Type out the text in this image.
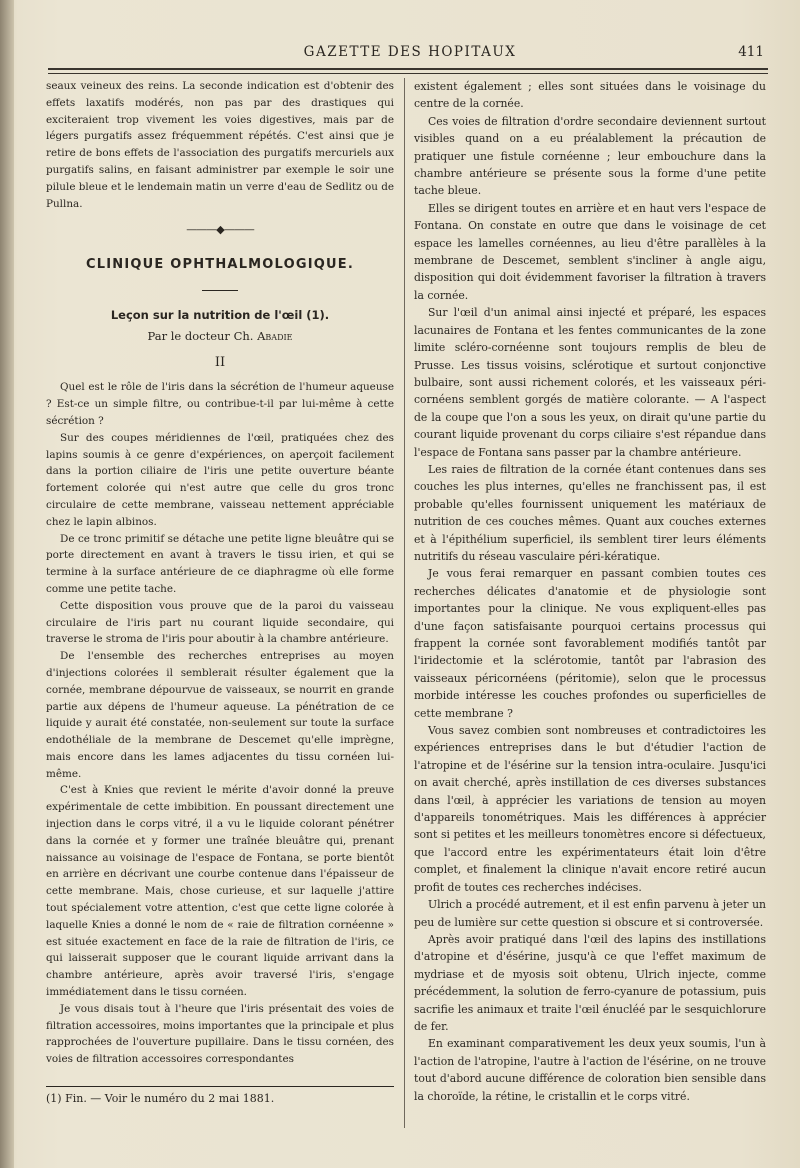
GAZETTE DES HOPITAUX	411

seaux veineux des reins. La seconde indication est d'obtenir des effets laxatifs modérés, non pas par des drastiques qui exciteraient trop vivement les voies digestives, mais par de légers purgatifs assez fréquemment répétés. C'est ainsi que je retire de bons effets de l'association des purgatifs mercuriels aux purgatifs salins, en faisant administrer par exemple le soir une pilule bleue et le lendemain matin un verre d'eau de Sedlitz ou de Pullna.

———◆———
CLINIQUE OPHTHALMOLOGIQUE.
Leçon sur la nutrition de l'œil (1).
Par le docteur Ch. Abadie
II

Quel est le rôle de l'iris dans la sécrétion de l'humeur aqueuse ? Est-ce un simple filtre, ou contribue-t-il par lui-même à cette sécrétion ?

Sur des coupes méridiennes de l'œil, pratiquées chez des lapins soumis à ce genre d'expériences, on aperçoit facilement dans la portion ciliaire de l'iris une petite ouverture béante fortement colorée qui n'est autre que celle du gros tronc circulaire de cette membrane, vaisseau nettement appréciable chez le lapin albinos.

De ce tronc primitif se détache une petite ligne bleuâtre qui se porte directement en avant à travers le tissu irien, et qui se termine à la surface antérieure de ce diaphragme où elle forme comme une petite tache.

Cette disposition vous prouve que de la paroi du vaisseau circulaire de l'iris part nu courant liquide secondaire, qui traverse le stroma de l'iris pour aboutir à la chambre antérieure.

De l'ensemble des recherches entreprises au moyen d'injections colorées il semblerait résulter également que la cornée, membrane dépourvue de vaisseaux, se nourrit en grande partie aux dépens de l'humeur aqueuse. La pénétration de ce liquide y aurait été constatée, non-seulement sur toute la surface endothéliale de la membrane de Descemet qu'elle imprègne, mais encore dans les lames adjacentes du tissu cornéen lui-même.

C'est à Knies que revient le mérite d'avoir donné la preuve expérimentale de cette imbibition. En poussant directement une injection dans le corps vitré, il a vu le liquide colorant pénétrer dans la cornée et y former une traînée bleuâtre qui, prenant naissance au voisinage de l'espace de Fontana, se porte bientôt en arrière en décrivant une courbe contenue dans l'épaisseur de cette membrane. Mais, chose curieuse, et sur laquelle j'attire tout spécialement votre attention, c'est que cette ligne colorée à laquelle Knies a donné le nom de « raie de filtration cornéenne » est située exactement en face de la raie de filtration de l'iris, ce qui laisserait supposer que le courant liquide arrivant dans la chambre antérieure, après avoir traversé l'iris, s'engage immédiatement dans le tissu cornéen.

Je vous disais tout à l'heure que l'iris présentait des voies de filtration accessoires, moins importantes que la principale et plus rapprochées de l'ouverture pupillaire. Dans le tissu cornéen, des voies de filtration accessoires correspondantes

(1) Fin. — Voir le numéro du 2 mai 1881.

existent également ; elles sont situées dans le voisinage du centre de la cornée.

Ces voies de filtration d'ordre secondaire deviennent surtout visibles quand on a eu préalablement la précaution de pratiquer une fistule cornéenne ; leur embouchure dans la chambre antérieure se présente sous la forme d'une petite tache bleue.

Elles se dirigent toutes en arrière et en haut vers l'espace de Fontana. On constate en outre que dans le voisinage de cet espace les lamelles cornéennes, au lieu d'être parallèles à la membrane de Descemet, semblent s'incliner à angle aigu, disposition qui doit évidemment favoriser la filtration à travers la cornée.

Sur l'œil d'un animal ainsi injecté et préparé, les espaces lacunaires de Fontana et les fentes communicantes de la zone limite scléro-cornéenne sont toujours remplis de bleu de Prusse. Les tissus voisins, sclérotique et surtout conjonctive bulbaire, sont aussi richement colorés, et les vaisseaux péri-cornéens semblent gorgés de matière colorante. — A l'aspect de la coupe que l'on a sous les yeux, on dirait qu'une partie du courant liquide provenant du corps ciliaire s'est répandue dans l'espace de Fontana sans passer par la chambre antérieure.

Les raies de filtration de la cornée étant contenues dans ses couches les plus internes, qu'elles ne franchissent pas, il est probable qu'elles fournissent uniquement les matériaux de nutrition de ces couches mêmes. Quant aux couches externes et à l'épithélium superficiel, ils semblent tirer leurs éléments nutritifs du réseau vasculaire péri-kératique.

Je vous ferai remarquer en passant combien toutes ces recherches délicates d'anatomie et de physiologie sont importantes pour la clinique. Ne vous expliquent-elles pas d'une façon satisfaisante pourquoi certains processus qui frappent la cornée sont favorablement modifiés tantôt par l'iridectomie et la sclérotomie, tantôt par l'abrasion des vaisseaux péricornéens (péritomie), selon que le processus morbide intéresse les couches profondes ou superficielles de cette membrane ?

Vous savez combien sont nombreuses et contradictoires les expériences entreprises dans le but d'étudier l'action de l'atropine et de l'ésérine sur la tension intra-oculaire. Jusqu'ici on avait cherché, après instillation de ces diverses substances dans l'œil, à apprécier les variations de tension au moyen d'appareils tonométriques. Mais les différences à apprécier sont si petites et les meilleurs tonomètres encore si défectueux, que l'accord entre les expérimentateurs était loin d'être complet, et finalement la clinique n'avait encore retiré aucun profit de toutes ces recherches indécises.

Ulrich a procédé autrement, et il est enfin parvenu à jeter un peu de lumière sur cette question si obscure et si controversée.

Après avoir pratiqué dans l'œil des lapins des instillations d'atropine et d'ésérine, jusqu'à ce que l'effet maximum de mydriase et de myosis soit obtenu, Ulrich injecte, comme précédemment, la solution de ferro-cyanure de potassium, puis sacrifie les animaux et traite l'œil énucléé par le sesquichlorure de fer.

En examinant comparativement les deux yeux soumis, l'un à l'action de l'atropine, l'autre à l'action de l'ésérine, on ne trouve tout d'abord aucune différence de coloration bien sensible dans la choroïde, la rétine, le cristallin et le corps vitré.
